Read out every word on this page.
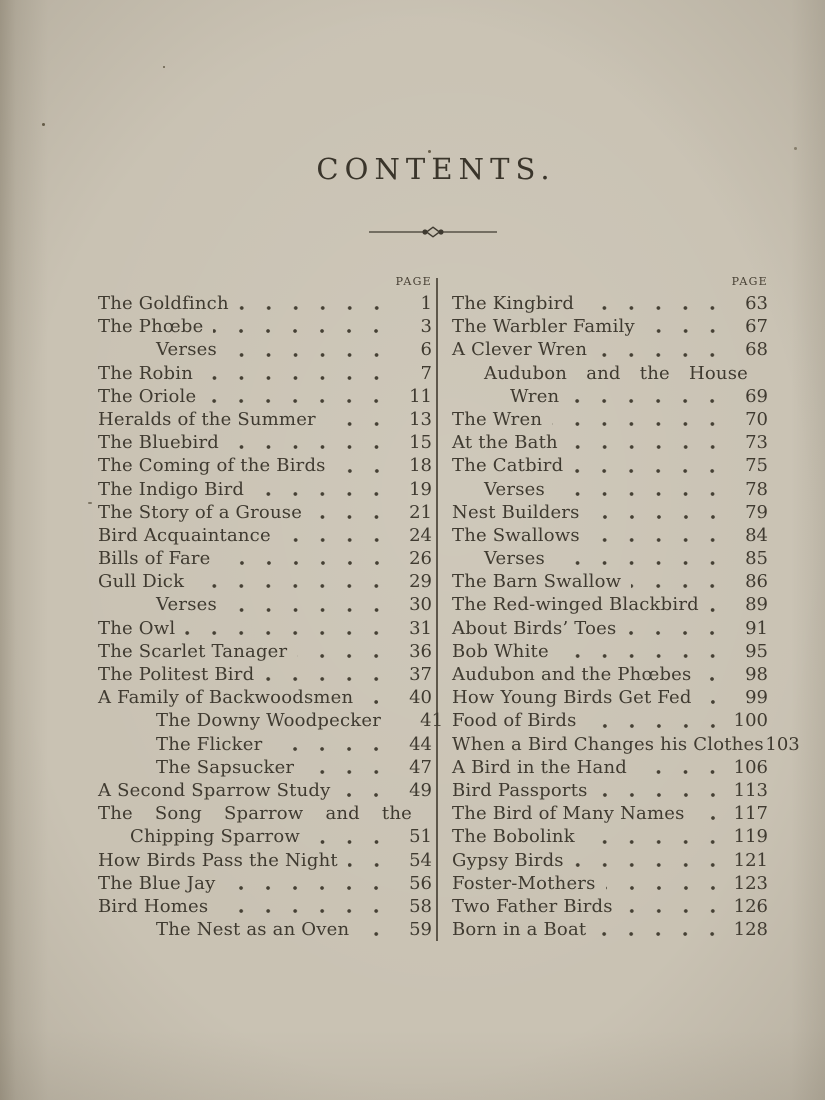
CONTENTS.
PAGE
The Goldfinch	1
The Phœbe	3
Verses	6
The Robin	7
The Oriole	11
Heralds of the Summer	13
The Bluebird	15
The Coming of the Birds	18
The Indigo Bird	19
The Story of a Grouse	21
Bird Acquaintance	24
Bills of Fare	26
Gull Dick	29
Verses	30
The Owl	31
The Scarlet Tanager	36
The Politest Bird	37
A Family of Backwoodsmen	40
The Downy Woodpecker	41
The Flicker	44
The Sapsucker	47
A Second Sparrow Study	49
The Song Sparrow and the
Chipping Sparrow	51
How Birds Pass the Night	54
The Blue Jay	56
Bird Homes	58
The Nest as an Oven	59
PAGE
The Kingbird	63
The Warbler Family	67
A Clever Wren	68
Audubon and the House
Wren	69
The Wren	70
At the Bath	73
The Catbird	75
Verses	78
Nest Builders	79
The Swallows	84
Verses	85
The Barn Swallow	86
The Red-winged Blackbird	89
About Birds’ Toes	91
Bob White	95
Audubon and the Phœbes	98
How Young Birds Get Fed	99
Food of Birds	100
When a Bird Changes his Clothes 103
A Bird in the Hand	106
Bird Passports	113
The Bird of Many Names	117
The Bobolink	119
Gypsy Birds	121
Foster-Mothers	123
Two Father Birds	126
Born in a Boat	128
